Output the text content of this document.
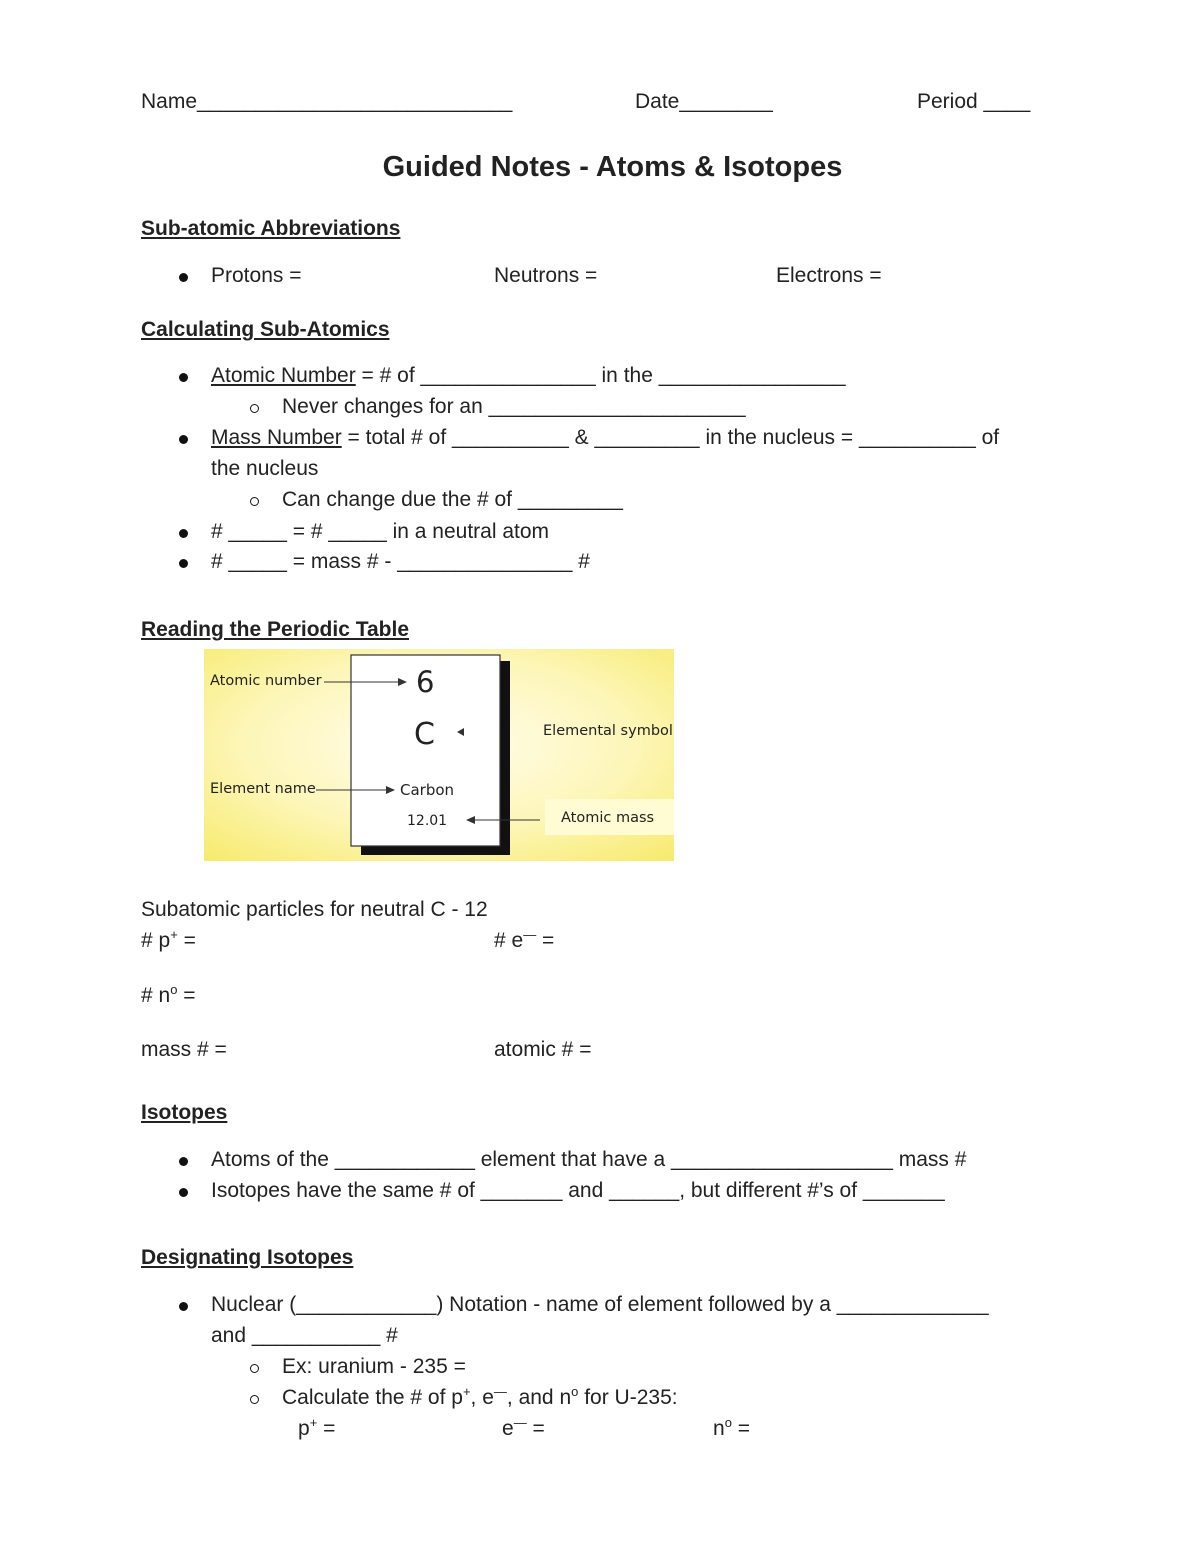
Name___________________________	Date________	Period ____
Guided Notes - Atoms & Isotopes
Sub-atomic Abbreviations
Protons =	Neutrons =	Electrons =
Calculating Sub-Atomics
Atomic Number = # of _______________ in the ________________
Never changes for an ______________________
Mass Number = total # of __________ & _________ in the nucleus = __________ of
the nucleus
Can change due the # of _________
# _____ = # _____ in a neutral atom
# _____ = mass # - _______________ #
Reading the Periodic Table
Atomic number	6
C	Elemental symbol
Element name	Carbon
12.01	Atomic mass
Subatomic particles for neutral C - 12
# p+ =	# e— =
# $n^o$ =
mass # =	atomic # =
Isotopes
Atoms of the ____________ element that have a ___________________ mass #
Isotopes have the same # of _______ and ______, but different #’s of _______
Designating Isotopes
Nuclear (____________) Notation - name of element followed by a _____________
and ___________ #
Ex: uranium - 235 =
Calculate the # of p+, e—, and $n^o$ for U-235:
p+ =	e— =	$n^o$ =
